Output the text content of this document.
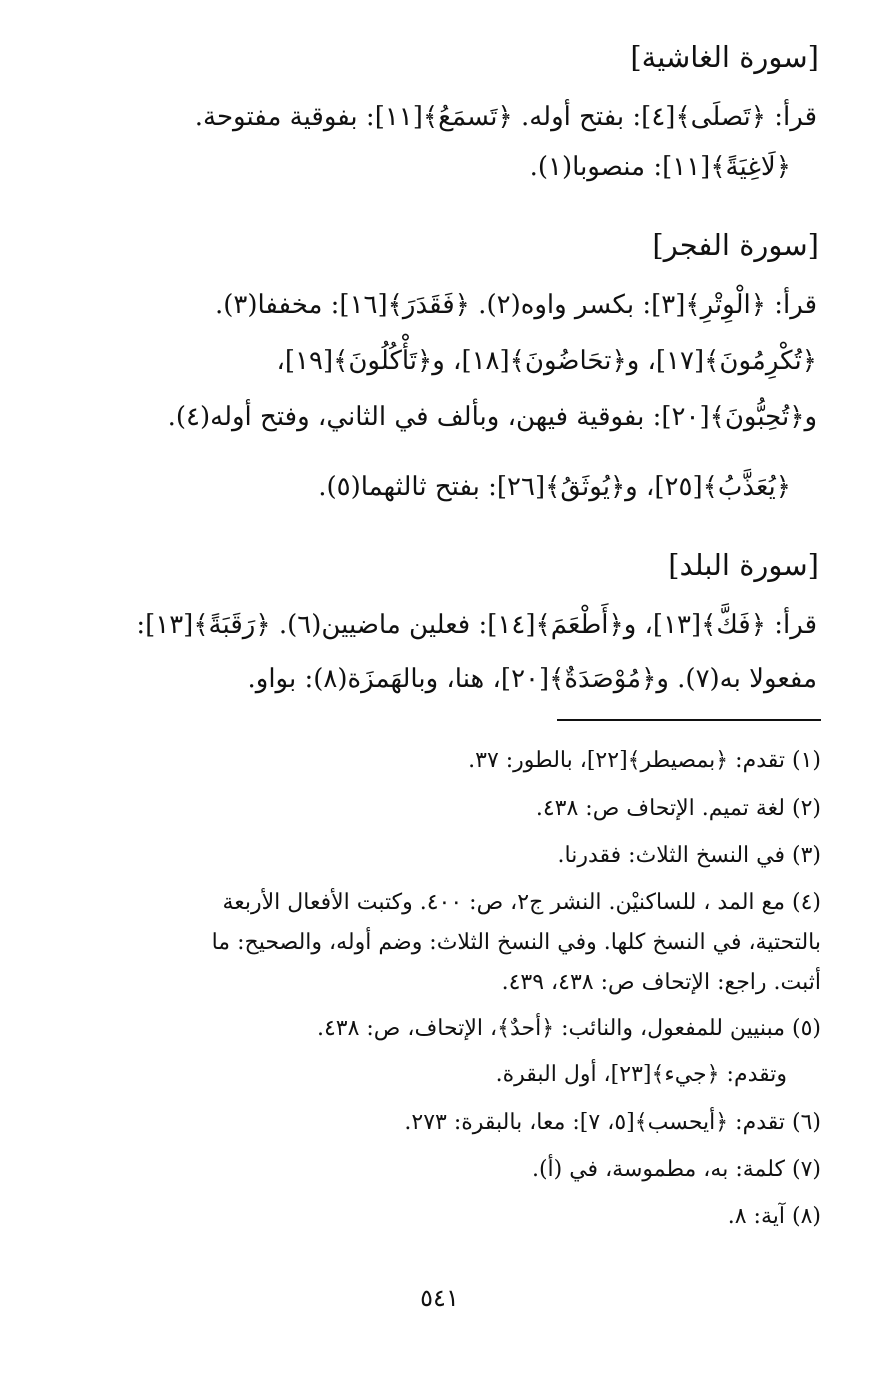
[سورة الغاشية]
قرأ: ﴿تَصلَى﴾[٤]: بفتح أوله. ﴿تَسمَعُ﴾[١١]: بفوقية مفتوحة.
﴿لَاغِيَةً﴾[١١]: منصوبا(١).
[سورة الفجر]
قرأ: ﴿الْوِتْرِ﴾[٣]: بكسر واوه(٢). ﴿فَقَدَرَ﴾[١٦]: مخففا(٣).
﴿تُكْرِمُونَ﴾[١٧]، و﴿تحَاضُونَ﴾[١٨]، و﴿تَأْكُلُونَ﴾[١٩]،
و﴿تُحِبُّونَ﴾[٢٠]: بفوقية فيهن، وبألف في الثاني، وفتح أوله(٤).
﴿يُعَذَّبُ﴾[٢٥]، و﴿يُوثَقُ﴾[٢٦]: بفتح ثالثهما(٥).
[سورة البلد]
قرأ: ﴿فَكَّ﴾[١٣]، و﴿أَطْعَمَ﴾[١٤]: فعلين ماضيين(٦). ﴿رَقَبَةً﴾[١٣]:
مفعولا به(٧). و﴿مُوْصَدَةٌ﴾[٢٠]، هنا، وبالهَمزَة(٨): بواو.
(١) تقدم: ﴿بمصيطر﴾[٢٢]، بالطور: ٣٧.
(٢) لغة تميم. الإتحاف ص: ٤٣٨.
(٣) في النسخ الثلاث: فقدرنا.
(٤) مع المد ، للساكنيْن. النشر ج٢، ص: ٤٠٠. وكتبت الأفعال الأربعة
بالتحتية، في النسخ كلها. وفي النسخ الثلاث: وضم أوله، والصحيح: ما
أثبت. راجع: الإتحاف ص: ٤٣٨، ٤٣٩.
(٥) مبنيين للمفعول، والنائب: ﴿أحدٌ﴾، الإتحاف، ص: ٤٣٨.
وتقدم: ﴿جيء﴾[٢٣]، أول البقرة.
(٦) تقدم: ﴿أيحسب﴾[٥، ٧]: معا، بالبقرة: ٢٧٣.
(٧) كلمة: به، مطموسة، في (أ).
(٨) آية: ٨.
٥٤١
